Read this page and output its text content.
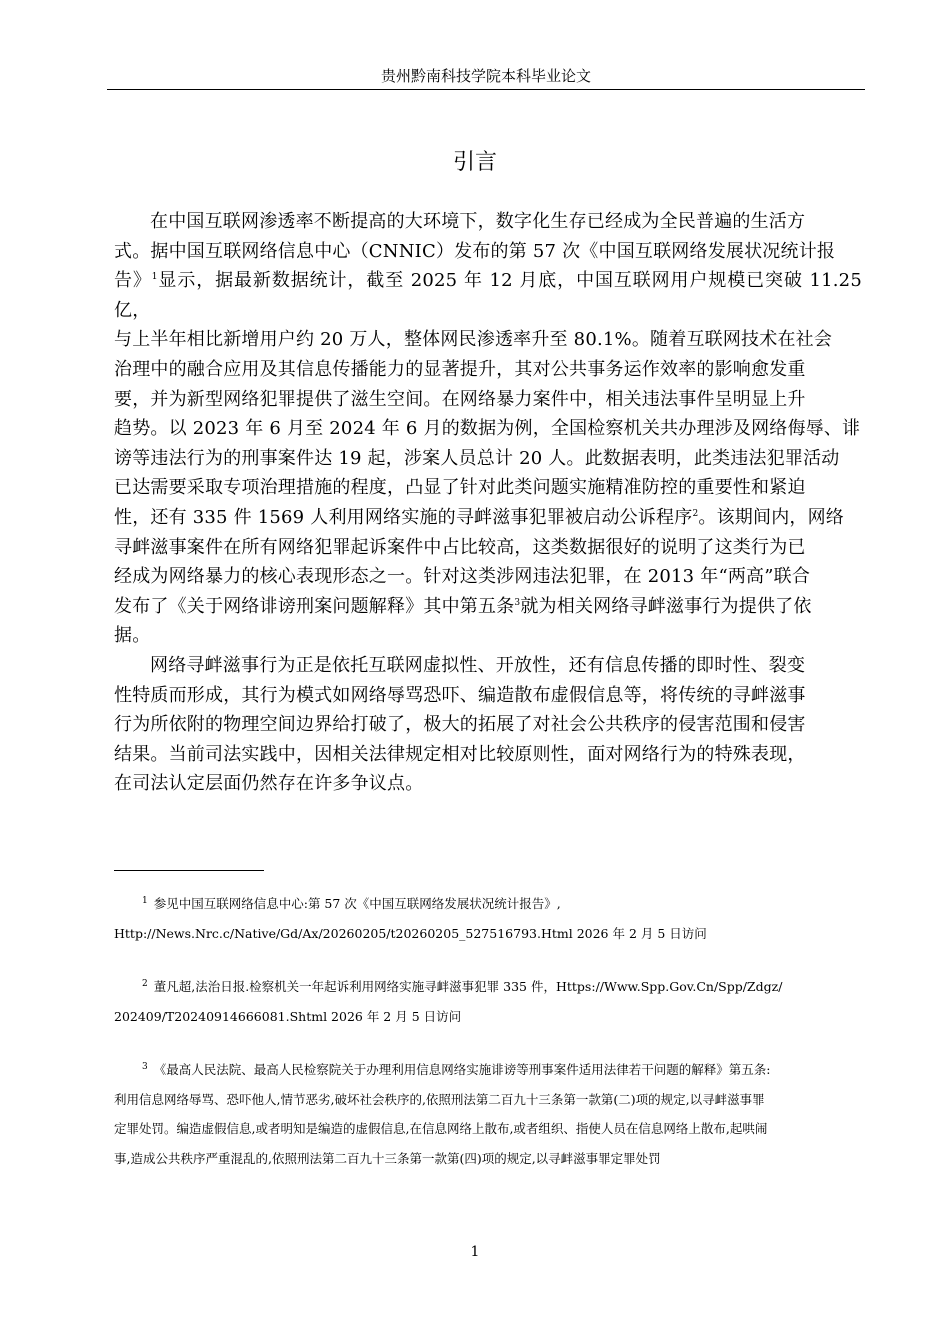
贵州黔南科技学院本科毕业论文
引言

在中国互联网渗透率不断提高的大环境下，数字化生存已经成为全民普遍的生活方
式。据中国互联网络信息中心（CNNIC）发布的第 57 次《中国互联网络发展状况统计报
告》$^1$显示，据最新数据统计，截至 2025 年 12 月底，中国互联网用户规模已突破 11.25 亿，
与上半年相比新增用户约 20 万人，整体网民渗透率升至 80.1%。随着互联网技术在社会
治理中的融合应用及其信息传播能力的显著提升，其对公共事务运作效率的影响愈发重
要，并为新型网络犯罪提供了滋生空间。在网络暴力案件中，相关违法事件呈明显上升
趋势。以 2023 年 6 月至 2024 年 6 月的数据为例，全国检察机关共办理涉及网络侮辱、诽
谤等违法行为的刑事案件达 19 起，涉案人员总计 20 人。此数据表明，此类违法犯罪活动
已达需要采取专项治理措施的程度，凸显了针对此类问题实施精准防控的重要性和紧迫
性，还有 335 件 1569 人利用网络实施的寻衅滋事犯罪被启动公诉程序$^2$。该期间内，网络
寻衅滋事案件在所有网络犯罪起诉案件中占比较高，这类数据很好的说明了这类行为已
经成为网络暴力的核心表现形态之一。针对这类涉网违法犯罪，在 2013 年“两高”联合
发布了《关于网络诽谤刑案问题解释》其中第五条$^3$就为相关网络寻衅滋事行为提供了依
据。

网络寻衅滋事行为正是依托互联网虚拟性、开放性，还有信息传播的即时性、裂变
性特质而形成，其行为模式如网络辱骂恐吓、编造散布虚假信息等，将传统的寻衅滋事
行为所依附的物理空间边界给打破了，极大的拓展了对社会公共秩序的侵害范围和侵害
结果。当前司法实践中，因相关法律规定相对比较原则性，面对网络行为的特殊表现，
在司法认定层面仍然存在许多争议点。

$^1$ 参见中国互联网络信息中心:第 57 次《中国互联网络发展状况统计报告》,
Http://News.Nrc.c/Native/Gd/Ax/20260205/t20260205_527516793.Html 2026 年 2 月 5 日访问
$^2$ 董凡超,法治日报.检察机关一年起诉利用网络实施寻衅滋事犯罪 335 件，Https://Www.Spp.Gov.Cn/Spp/Zdgz/
202409/T20240914666081.Shtml 2026 年 2 月 5 日访问
$^3$ 《最高人民法院、最高人民检察院关于办理利用信息网络实施诽谤等刑事案件适用法律若干问题的解释》第五条:
利用信息网络辱骂、恐吓他人,情节恶劣,破坏社会秩序的,依照刑法第二百九十三条第一款第(二)项的规定,以寻衅滋事罪
定罪处罚。编造虚假信息,或者明知是编造的虚假信息,在信息网络上散布,或者组织、指使人员在信息网络上散布,起哄闹
事,造成公共秩序严重混乱的,依照刑法第二百九十三条第一款第(四)项的规定,以寻衅滋事罪定罪处罚
1
